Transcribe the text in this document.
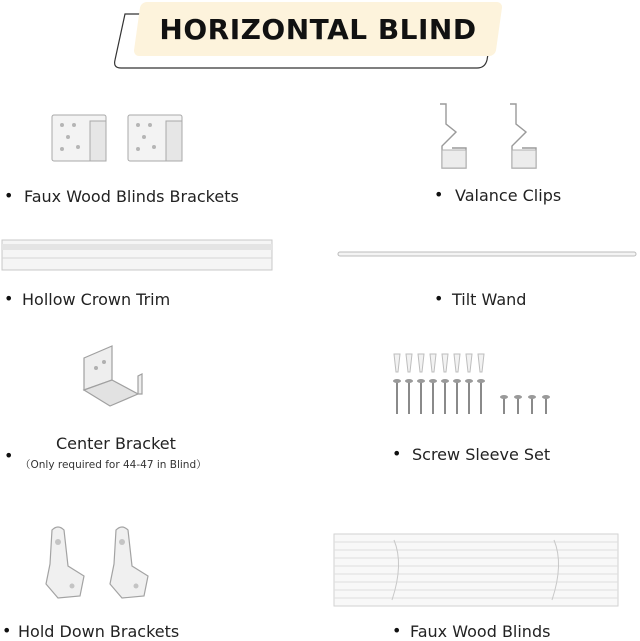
HORIZONTAL BLIND
• Faux Wood Blinds Brackets	• Valance Clips
• Hollow Crown Trim	• Tilt Wand
•
Center Bracket
（Only required for 44-47 in Blind）
• Screw Sleeve Set
• Hold Down Brackets	• Faux Wood Blinds
